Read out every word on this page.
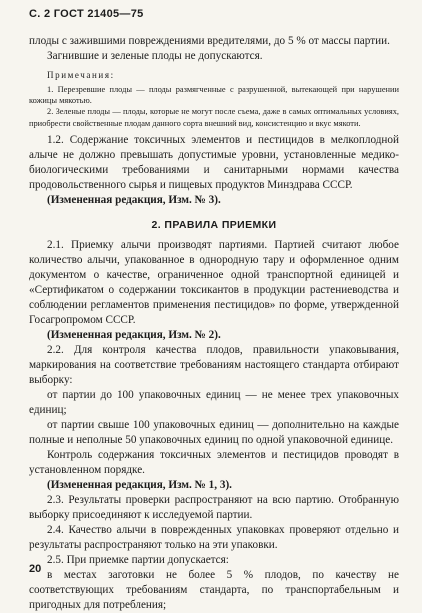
С. 2 ГОСТ 21405—75

плоды с зажившими повреждениями вредителями, до 5 % от массы партии.

Загнившие и зеленые плоды не допускаются.

Примечания:

1. Перезревшие плоды — плоды размягченные с разрушенной, вытекающей при нарушении кожицы мякотью.

2. Зеленые плоды — плоды, которые не могут после съема, даже в самых оптимальных условиях, приобрести свойственные плодам данного сорта внешний вид, консистенцию и вкус мякоти.

1.2. Содержание токсичных элементов и пестицидов в мелкоплодной алыче не должно превышать допустимые уровни, установленные медико-биологическими требованиями и санитарными нормами качества продовольственного сырья и пищевых продуктов Минздрава СССР.

(Измененная редакция, Изм. № 3).

2. ПРАВИЛА ПРИЕМКИ

2.1. Приемку алычи производят партиями. Партией считают любое количество алычи, упакованное в однородную тару и оформленное одним документом о качестве, ограниченное одной транспортной единицей и «Сертификатом о содержании токсикантов в продукции растениеводства и соблюдении регламентов применения пестицидов» по форме, утвержденной Госагропромом СССР.

(Измененная редакция, Изм. № 2).

2.2. Для контроля качества плодов, правильности упаковывания, маркирования на соответствие требованиям настоящего стандарта отбирают выборку:

от партии до 100 упаковочных единиц — не менее трех упаковочных единиц;

от партии свыше 100 упаковочных единиц — дополнительно на каждые полные и неполные 50 упаковочных единиц по одной упаковочной единице.

Контроль содержания токсичных элементов и пестицидов проводят в установленном порядке.

(Измененная редакция, Изм. № 1, 3).

2.3. Результаты проверки распространяют на всю партию. Отобранную выборку присоединяют к исследуемой партии.

2.4. Качество алычи в поврежденных упаковках проверяют отдельно и результаты распространяют только на эти упаковки.

2.5. При приемке партии допускается:

в местах заготовки не более 5 % плодов, по качеству не соответствующих требованиям стандарта, по транспортабельным и пригодных для потребления;

20
